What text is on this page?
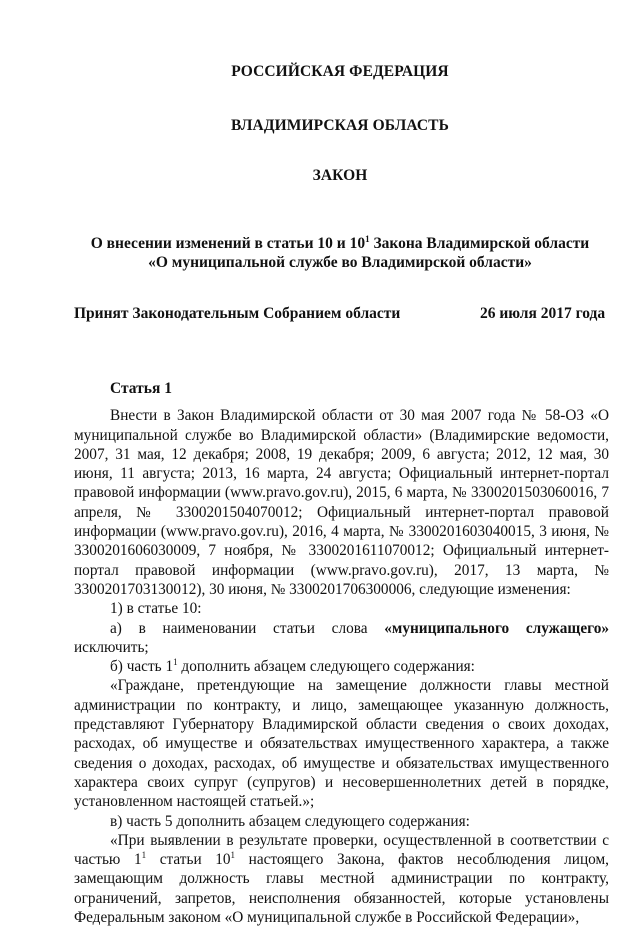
РОССИЙСКАЯ ФЕДЕРАЦИЯ
ВЛАДИМИРСКАЯ ОБЛАСТЬ
ЗАКОН
О внесении изменений в статьи 10 и $10^1$ Закона Владимирской области
«О муниципальной службе во Владимирской области»
Принят Законодательным Собранием области	26 июля 2017 года
Статья 1

Внести в Закон Владимирской области от 30 мая 2007 года № 58-ОЗ «О муниципальной службе во Владимирской области» (Владимирские ведомости, 2007, 31 мая, 12 декабря; 2008, 19 декабря; 2009, 6 августа; 2012, 12 мая, 30 июня, 11 августа; 2013, 16 марта, 24 августа; Официальный интернет-портал правовой информации (www.pravo.gov.ru), 2015, 6 марта, № 3300201503060016, 7 апреля, № 3300201504070012; Официальный интернет-портал правовой информации (www.pravo.gov.ru), 2016, 4 марта, № 3300201603040015, 3 июня, № 3300201606030009, 7 ноября, № 3300201611070012; Официальный интернет-портал правовой информации (www.pravo.gov.ru), 2017, 13 марта, № 3300201703130012), 30 июня, № 3300201706300006, следующие изменения:

1) в статье 10:

а) в наименовании статьи слова «муниципального служащего» исключить;

б) часть $1^1$ дополнить абзацем следующего содержания:

«Граждане, претендующие на замещение должности главы местной администрации по контракту, и лицо, замещающее указанную должность, представляют Губернатору Владимирской области сведения о своих доходах, расходах, об имуществе и обязательствах имущественного характера, а также сведения о доходах, расходах, об имуществе и обязательствах имущественного характера своих супруг (супругов) и несовершеннолетних детей в порядке, установленном настоящей статьей.»;

в) часть 5 дополнить абзацем следующего содержания:

«При выявлении в результате проверки, осуществленной в соответствии с частью $1^1$ статьи $10^1$ настоящего Закона, фактов несоблюдения лицом, замещающим должность главы местной администрации по контракту, ограничений, запретов, неисполнения обязанностей, которые установлены Федеральным законом «О муниципальной службе в Российской Федерации»,
